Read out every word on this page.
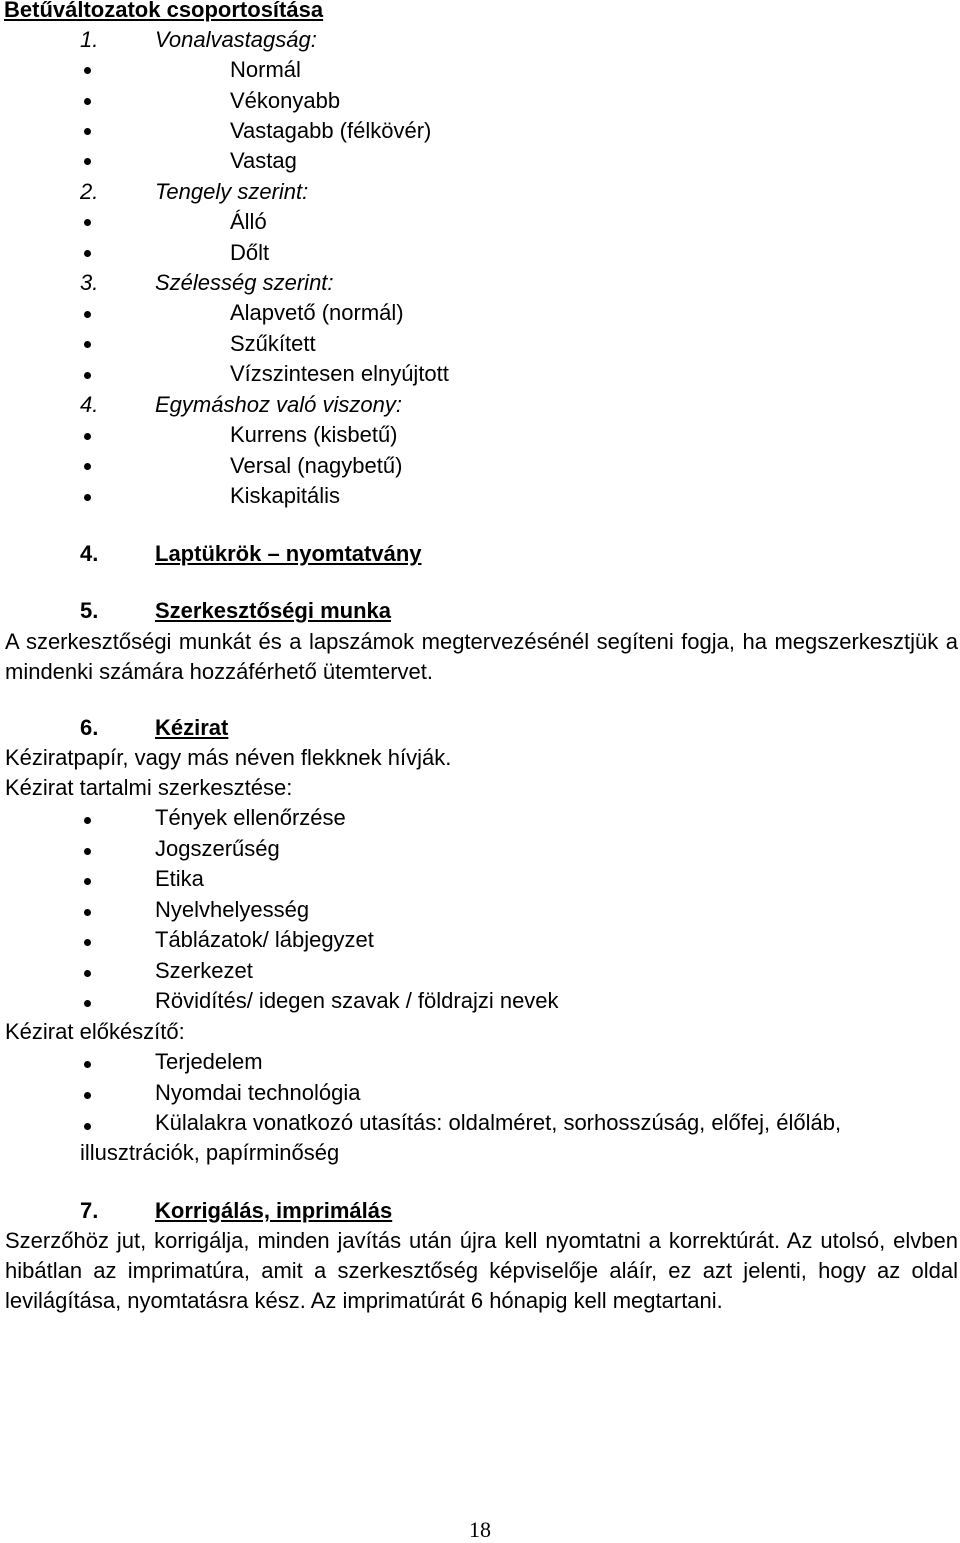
Betűváltozatok csoportosítása
1.	Vonalvastagság:
Normál
Vékonyabb
Vastagabb (félkövér)
Vastag
2.	Tengely szerint:
Álló
Dőlt
3.	Szélesség szerint:
Alapvető (normál)
Szűkített
Vízszintesen elnyújtott
4.	Egymáshoz való viszony:
Kurrens (kisbetű)
Versal (nagybetű)
Kiskapitális
4.	Laptükrök – nyomtatvány
5.	Szerkesztőségi munka
A szerkesztőségi munkát és a lapszámok megtervezésénél segíteni fogja, ha megszerkesztjük a mindenki számára hozzáférhető ütemtervet.
6.	Kézirat
Kéziratpapír, vagy más néven flekknek hívják.
Kézirat tartalmi szerkesztése:
Tények ellenőrzése
Jogszerűség
Etika
Nyelvhelyesség
Táblázatok/ lábjegyzet
Szerkezet
Rövidítés/ idegen szavak / földrajzi nevek
Kézirat előkészítő:
Terjedelem
Nyomdai technológia
Külalakra vonatkozó utasítás: oldalméret, sorhosszúság, előfej, élőláb,
illusztrációk, papírminőség
7.	Korrigálás, imprimálás
Szerzőhöz jut, korrigálja, minden javítás után újra kell nyomtatni a korrektúrát. Az utolsó, elvben hibátlan az imprimatúra, amit a szerkesztőség képviselője aláír, ez azt jelenti, hogy az oldal levilágítása, nyomtatásra kész. Az imprimatúrát 6 hónapig kell megtartani.
18
